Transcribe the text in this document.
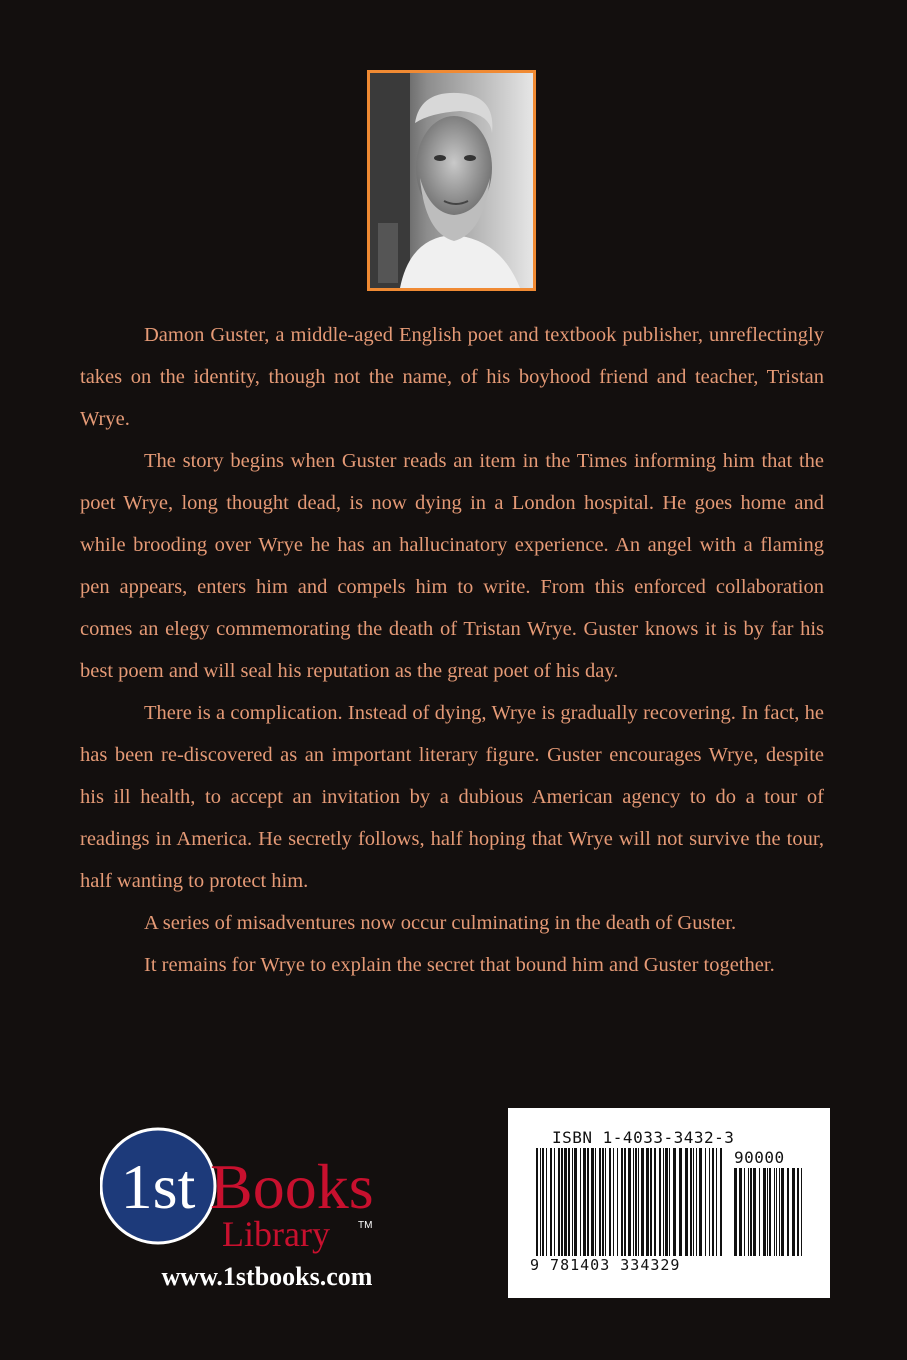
Damon Guster, a middle-aged English poet and textbook publisher, unreflectingly takes on the identity, though not the name, of his boyhood friend and teacher, Tristan Wrye.

The story begins when Guster reads an item in the Times informing him that the poet Wrye, long thought dead, is now dying in a London hospital. He goes home and while brooding over Wrye he has an hallucinatory experience. An angel with a flaming pen appears, enters him and compels him to write. From this enforced collaboration comes an elegy commemorating the death of Tristan Wrye. Guster knows it is by far his best poem and will seal his reputation as the great poet of his day.

There is a complication. Instead of dying, Wrye is gradually recovering. In fact, he has been re-discovered as an important literary figure. Guster encourages Wrye, despite his ill health, to accept an invitation by a dubious American agency to do a tour of readings in America. He secretly follows, half hoping that Wrye will not survive the tour, half wanting to protect him.

A series of misadventures now occur culminating in the death of Guster.

It remains for Wrye to explain the secret that bound him and Guster together.

1st Books
Library	TM
www.1stbooks.com
ISBN 1-4033-3432-3
90000
9 781403 334329
